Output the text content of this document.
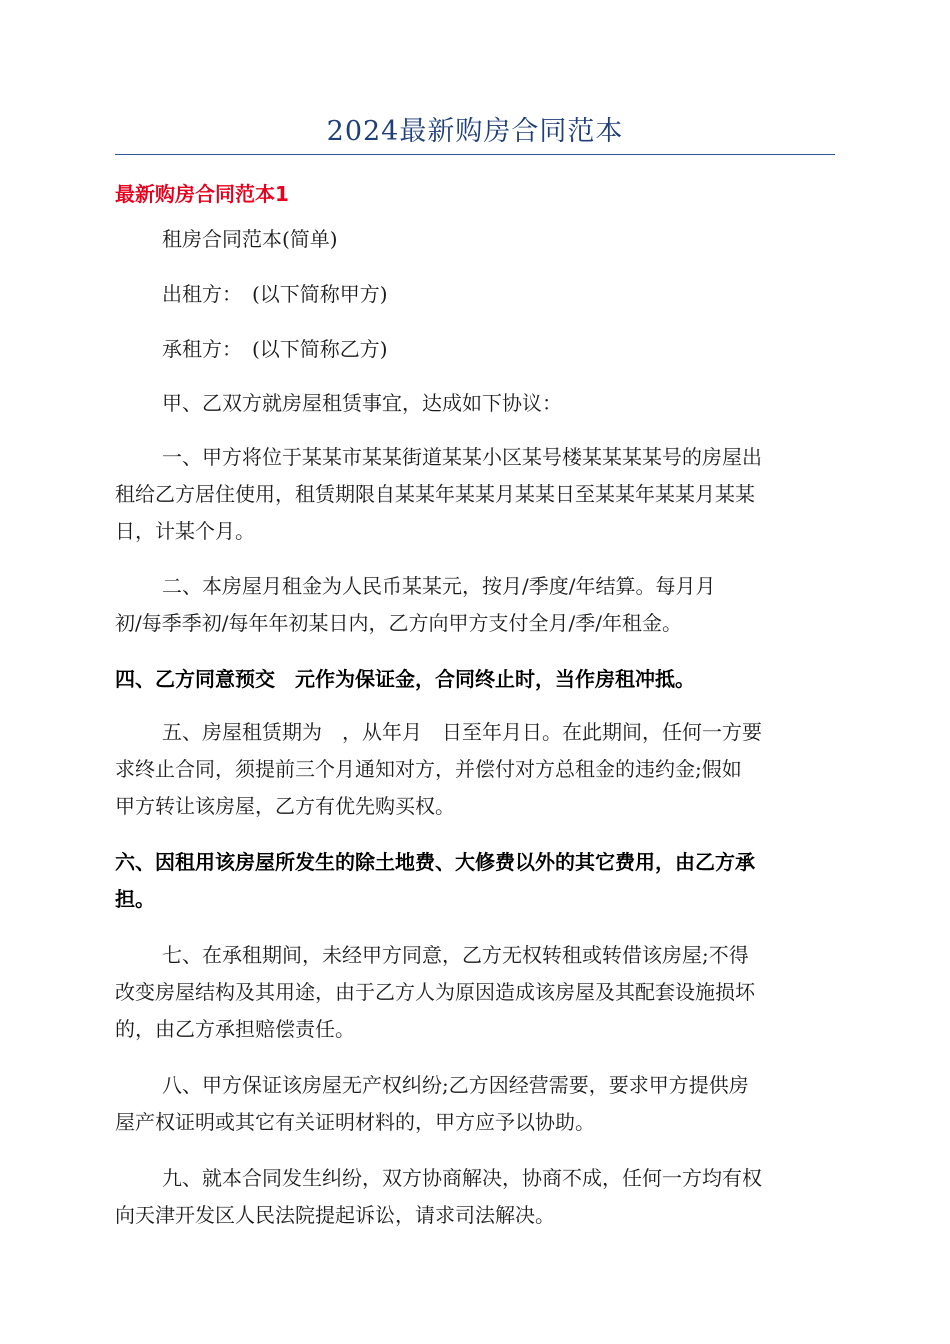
2024最新购房合同范本
最新购房合同范本1

租房合同范本(简单)

出租方：　(以下简称甲方)

承租方：　(以下简称乙方)

甲、乙双方就房屋租赁事宜，达成如下协议：

一、甲方将位于某某市某某街道某某小区某号楼某某某某号的房屋出
租给乙方居住使用，租赁期限自某某年某某月某某日至某某年某某月某某
日，计某个月。
二、本房屋月租金为人民币某某元，按月/季度/年结算。每月月
初/每季季初/每年年初某日内，乙方向甲方支付全月/季/年租金。

四、乙方同意预交　元作为保证金，合同终止时，当作房租冲抵。

五、房屋租赁期为　，从年月　日至年月日。在此期间，任何一方要
求终止合同，须提前三个月通知对方，并偿付对方总租金的违约金;假如
甲方转让该房屋，乙方有优先购买权。
六、因租用该房屋所发生的除土地费、大修费以外的其它费用，由乙方承
担。
七、在承租期间，未经甲方同意，乙方无权转租或转借该房屋;不得
改变房屋结构及其用途，由于乙方人为原因造成该房屋及其配套设施损坏
的，由乙方承担赔偿责任。
八、甲方保证该房屋无产权纠纷;乙方因经营需要，要求甲方提供房
屋产权证明或其它有关证明材料的，甲方应予以协助。
九、就本合同发生纠纷，双方协商解决，协商不成，任何一方均有权
向天津开发区人民法院提起诉讼，请求司法解决。
